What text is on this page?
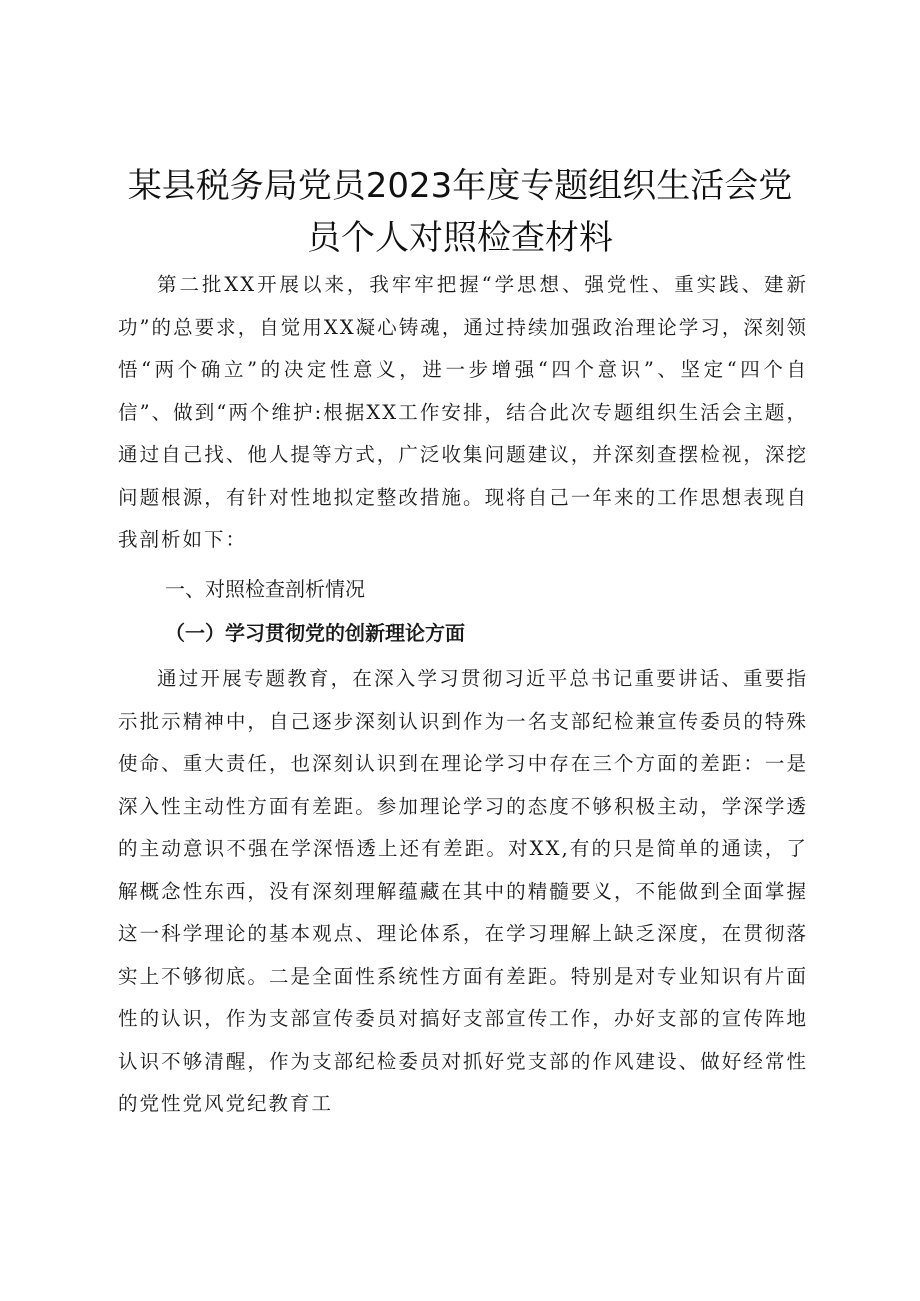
某县税务局党员2023年度专题组织生活会党
员个人对照检查材料

第二批XX开展以来，我牢牢把握“学思想、强党性、重实践、建新功”的总要求，自觉用XX凝心铸魂，通过持续加强政治理论学习，深刻领悟“两个确立”的决定性意义，进一步增强“四个意识”、坚定“四个自信”、做到“两个维护:根据XX工作安排，结合此次专题组织生活会主题，通过自己找、他人提等方式，广泛收集问题建议，并深刻查摆检视，深挖问题根源，有针对性地拟定整改措施。现将自己一年来的工作思想表现自我剖析如下：

一、对照检查剖析情况
（一）学习贯彻党的创新理论方面

通过开展专题教育，在深入学习贯彻习近平总书记重要讲话、重要指示批示精神中，自己逐步深刻认识到作为一名支部纪检兼宣传委员的特殊使命、重大责任，也深刻认识到在理论学习中存在三个方面的差距：一是深入性主动性方面有差距。参加理论学习的态度不够积极主动，学深学透的主动意识不强在学深悟透上还有差距。对XX,有的只是简单的通读，了解概念性东西，没有深刻理解蕴藏在其中的精髓要义，不能做到全面掌握这一科学理论的基本观点、理论体系，在学习理解上缺乏深度，在贯彻落实上不够彻底。二是全面性系统性方面有差距。特别是对专业知识有片面性的认识，作为支部宣传委员对搞好支部宣传工作，办好支部的宣传阵地认识不够清醒，作为支部纪检委员对抓好党支部的作风建设、做好经常性的党性党风党纪教育工
